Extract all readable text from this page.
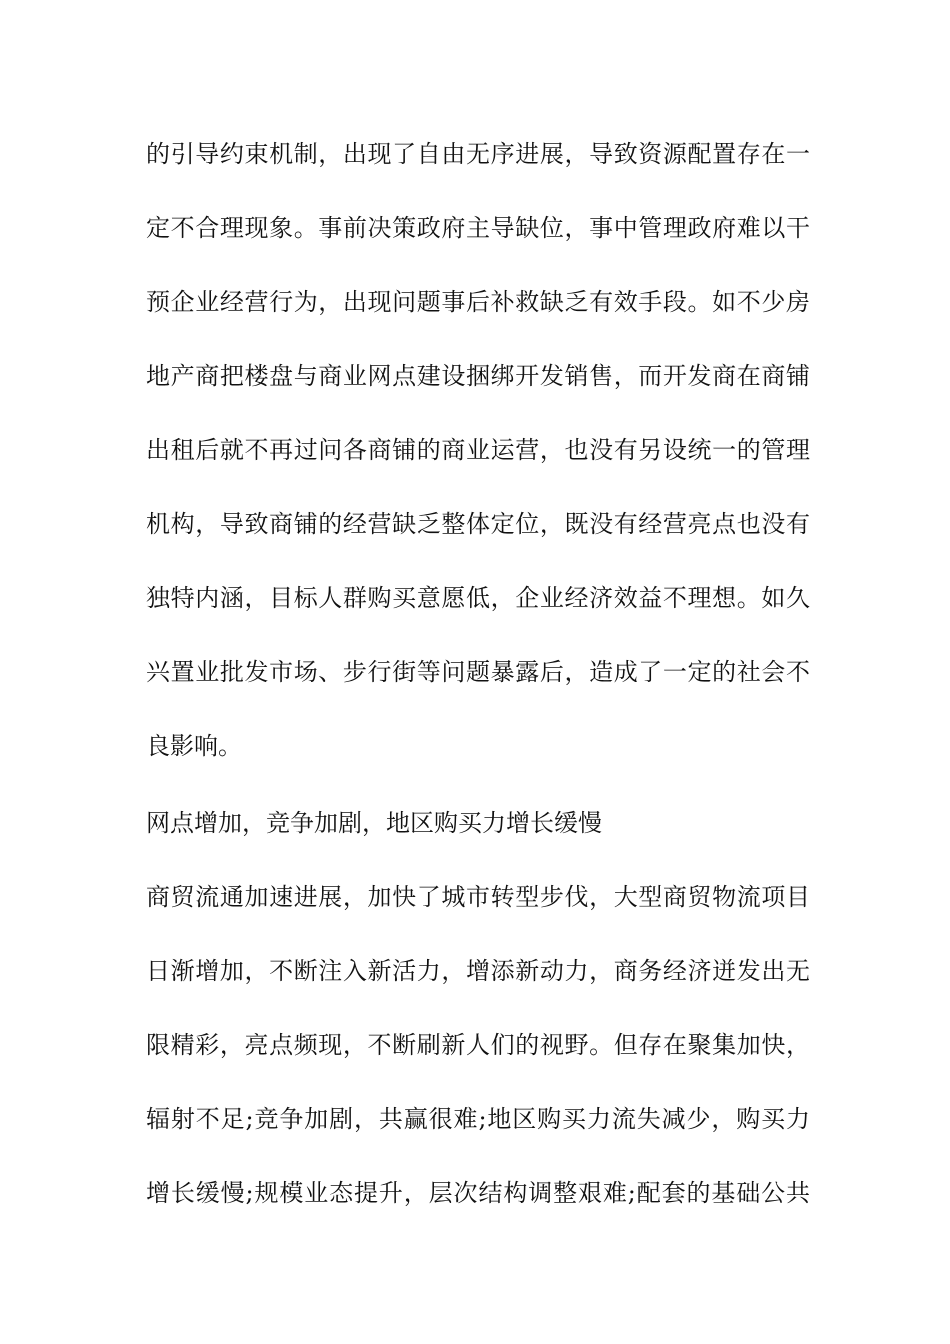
的引导约束机制，出现了自由无序进展，导致资源配置存在一
定不合理现象。事前决策政府主导缺位，事中管理政府难以干
预企业经营行为，出现问题事后补救缺乏有效手段。如不少房
地产商把楼盘与商业网点建设捆绑开发销售，而开发商在商铺
出租后就不再过问各商铺的商业运营，也没有另设统一的管理
机构，导致商铺的经营缺乏整体定位，既没有经营亮点也没有
独特内涵，目标人群购买意愿低，企业经济效益不理想。如久
兴置业批发市场、步行街等问题暴露后，造成了一定的社会不
良影响。
网点增加，竞争加剧，地区购买力增长缓慢
商贸流通加速进展，加快了城市转型步伐，大型商贸物流项目
日渐增加，不断注入新活力，增添新动力，商务经济迸发出无
限精彩，亮点频现，不断刷新人们的视野。但存在聚集加快，
辐射不足;竞争加剧，共赢很难;地区购买力流失减少，购买力
增长缓慢;规模业态提升，层次结构调整艰难;配套的基础公共
